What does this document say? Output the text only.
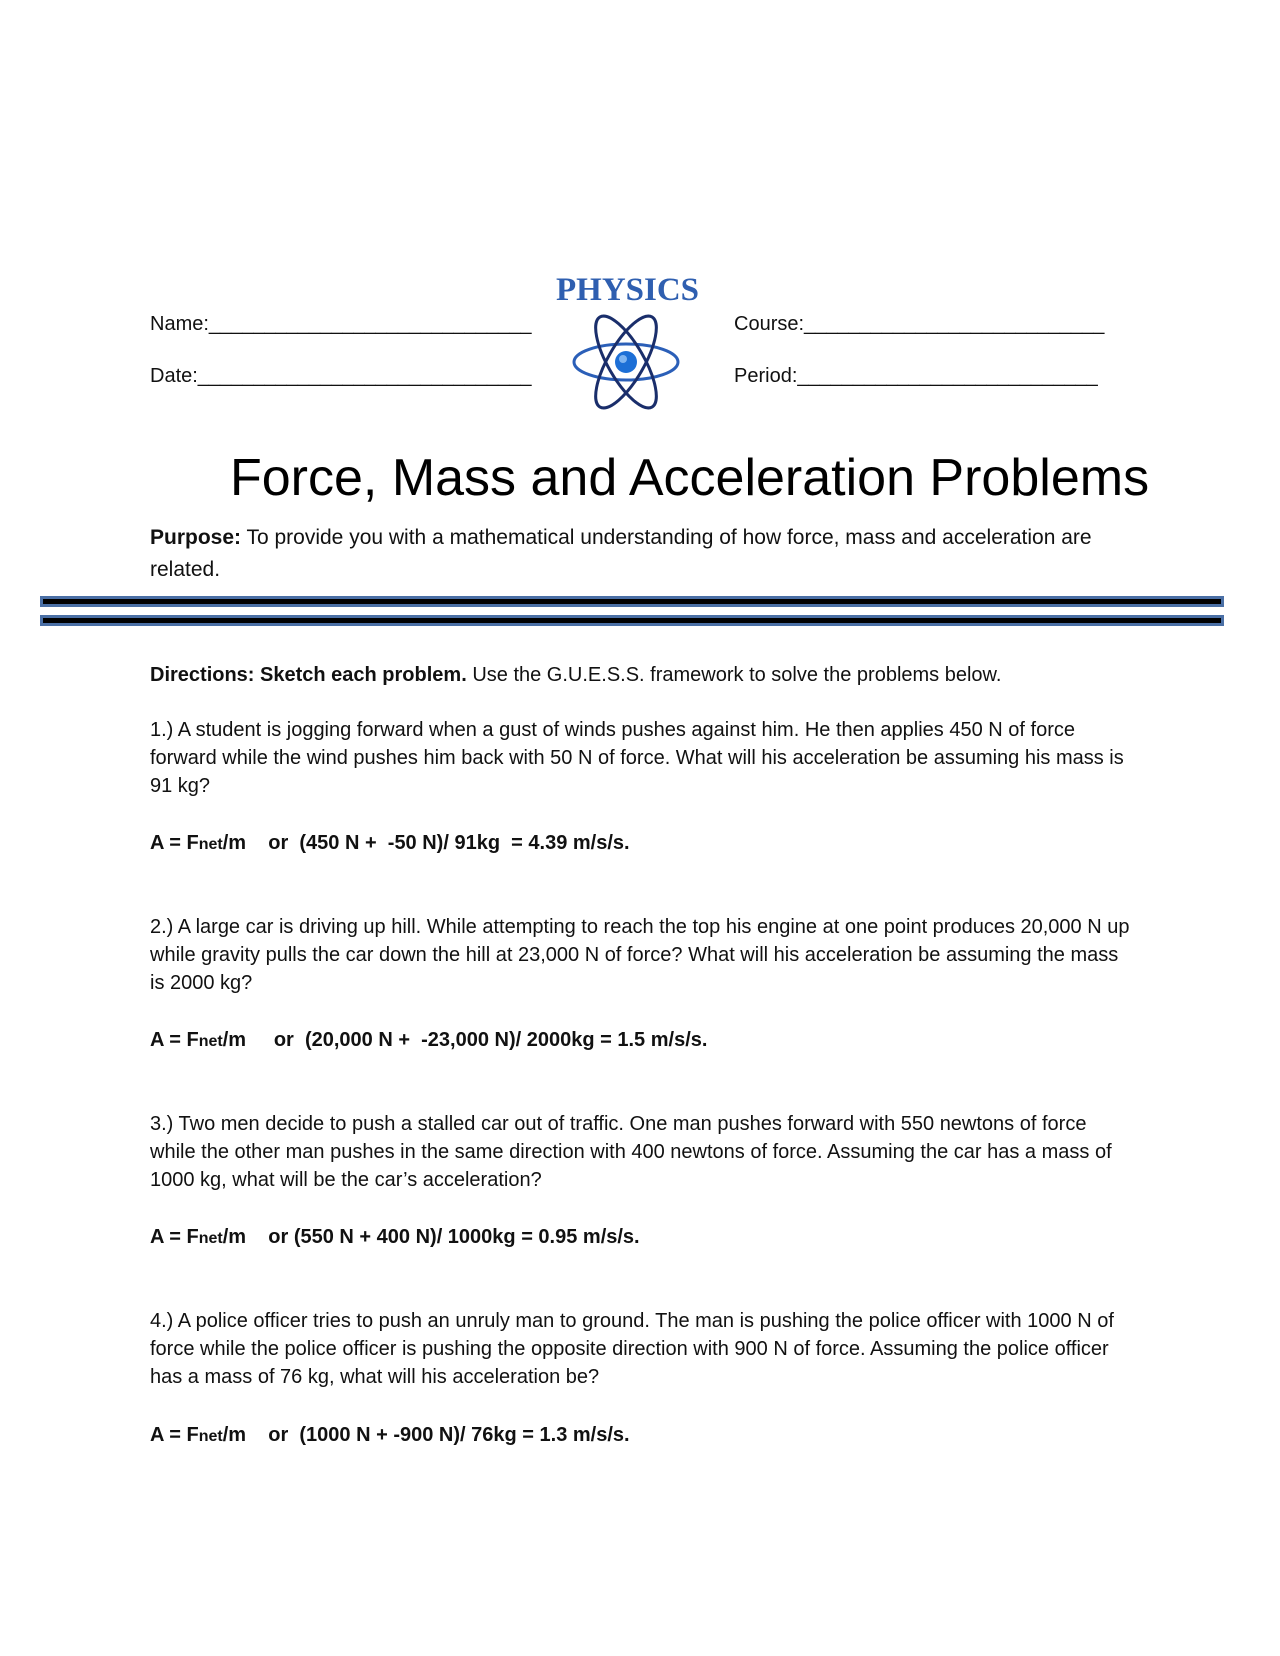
Name:_____________________________
Date:______________________________
Course:___________________________
Period:___________________________
PHYSICS
Force, Mass and Acceleration Problems
Purpose: To provide you with a mathematical understanding of how force, mass and acceleration are related.
Directions: Sketch each problem. Use the G.U.E.S.S. framework to solve the problems below.
1.) A student is jogging forward when a gust of winds pushes against him. He then applies 450 N of force forward while the wind pushes him back with 50 N of force. What will his acceleration be assuming his mass is 91 kg?
A = Fnet/m    or  (450 N +  -50 N)/ 91kg  = 4.39 m/s/s.
2.) A large car is driving up hill. While attempting to reach the top his engine at one point produces 20,000 N up while gravity pulls the car down the hill at 23,000 N of force? What will his acceleration be assuming the mass is 2000 kg?
A = Fnet/m     or  (20,000 N +  -23,000 N)/ 2000kg = 1.5 m/s/s.
3.) Two men decide to push a stalled car out of traffic. One man pushes forward with 550 newtons of force while the other man pushes in the same direction with 400 newtons of force. Assuming the car has a mass of 1000 kg, what will be the car’s acceleration?
A = Fnet/m    or (550 N + 400 N)/ 1000kg = 0.95 m/s/s.
4.) A police officer tries to push an unruly man to ground. The man is pushing the police officer with 1000 N of force while the police officer is pushing the opposite direction with 900 N of force. Assuming the police officer has a mass of 76 kg, what will his acceleration be?
A = Fnet/m    or  (1000 N + -900 N)/ 76kg = 1.3 m/s/s.
